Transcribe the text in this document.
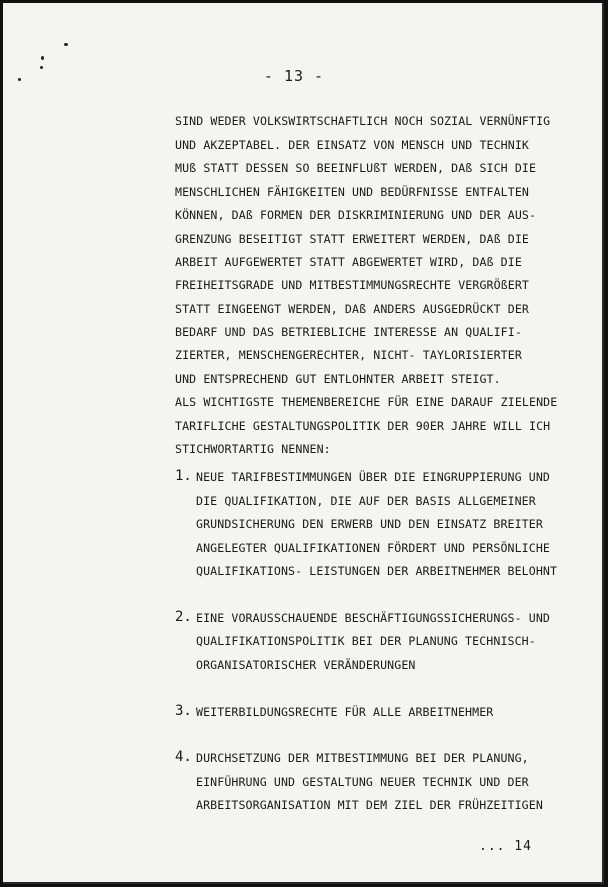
- 13 -
SIND WEDER VOLKSWIRTSCHAFTLICH NOCH SOZIAL VERNÜNFTIG
UND AKZEPTABEL. DER EINSATZ VON MENSCH UND TECHNIK
MUß STATT DESSEN SO BEEINFLUßT WERDEN, DAß SICH DIE
MENSCHLICHEN FÄHIGKEITEN UND BEDÜRFNISSE ENTFALTEN
KÖNNEN, DAß FORMEN DER DISKRIMINIERUNG UND DER AUS-
GRENZUNG BESEITIGT STATT ERWEITERT WERDEN, DAß DIE
ARBEIT AUFGEWERTET STATT ABGEWERTET WIRD, DAß DIE
FREIHEITSGRADE UND MITBESTIMMUNGSRECHTE VERGRÖßERT
STATT EINGEENGT WERDEN, DAß ANDERS AUSGEDRÜCKT DER
BEDARF UND DAS BETRIEBLICHE INTERESSE AN QUALIFI-
ZIERTER, MENSCHENGERECHTER, NICHT- TAYLORISIERTER
UND ENTSPRECHEND GUT ENTLOHNTER ARBEIT STEIGT.
ALS WICHTIGSTE THEMENBEREICHE FÜR EINE DARAUF ZIELENDE
TARIFLICHE GESTALTUNGSPOLITIK DER 90ER JAHRE WILL ICH
STICHWORTARTIG NENNEN:
1. NEUE TARIFBESTIMMUNGEN ÜBER DIE EINGRUPPIERUNG UND
DIE QUALIFIKATION, DIE AUF DER BASIS ALLGEMEINER
GRUNDSICHERUNG DEN ERWERB UND DEN EINSATZ BREITER
ANGELEGTER QUALIFIKATIONEN FÖRDERT UND PERSÖNLICHE
QUALIFIKATIONS- LEISTUNGEN DER ARBEITNEHMER BELOHNT
2. EINE VORAUSSCHAUENDE BESCHÄFTIGUNGSSICHERUNGS- UND
QUALIFIKATIONSPOLITIK BEI DER PLANUNG TECHNISCH-
ORGANISATORISCHER VERÄNDERUNGEN
3. WEITERBILDUNGSRECHTE FÜR ALLE ARBEITNEHMER
4. DURCHSETZUNG DER MITBESTIMMUNG BEI DER PLANUNG,
EINFÜHRUNG UND GESTALTUNG NEUER TECHNIK UND DER
ARBEITSORGANISATION MIT DEM ZIEL DER FRÜHZEITIGEN
... 14
